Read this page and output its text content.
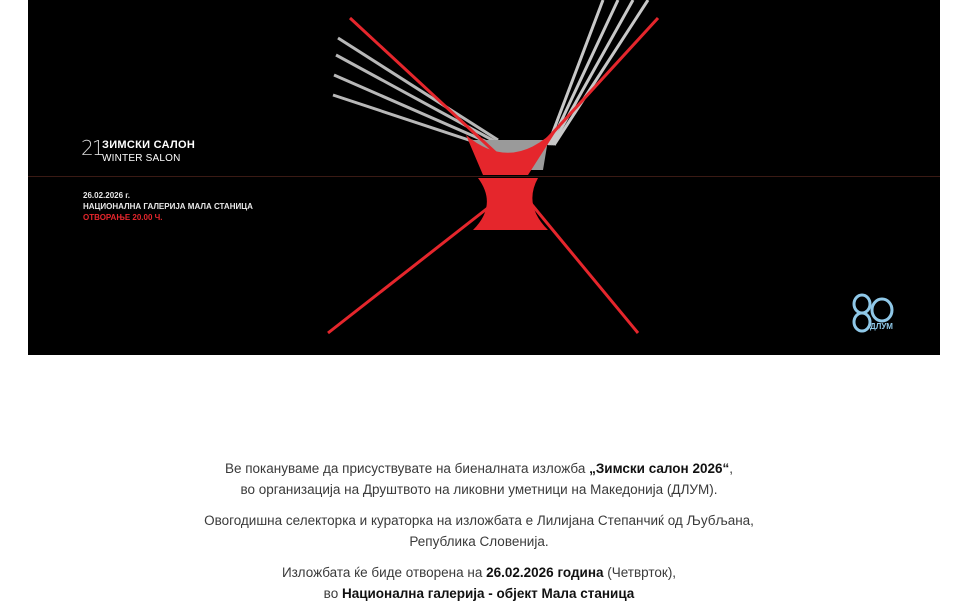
21 ЗИМСКИ САЛОН
WINTER SALON
26.02.2026 г.
НАЦИОНАЛНА ГАЛЕРИЈА МАЛА СТАНИЦА
ОТВОРАЊЕ 20.00 Ч.
ДЛУМ

Ве покануваме да присуствувате на биеналната изложба „Зимски салон 2026“,
во организација на Друштвото на ликовни уметници на Македонија (ДЛУМ).

Овогодишна селекторка и кураторка на изложбата е Лилијана Степанчиќ од Љубљана,
Република Словенија.

Изложбата ќе биде отворена на 26.02.2026 година (Четврток),
во Национална галерија - објект Мала станица
